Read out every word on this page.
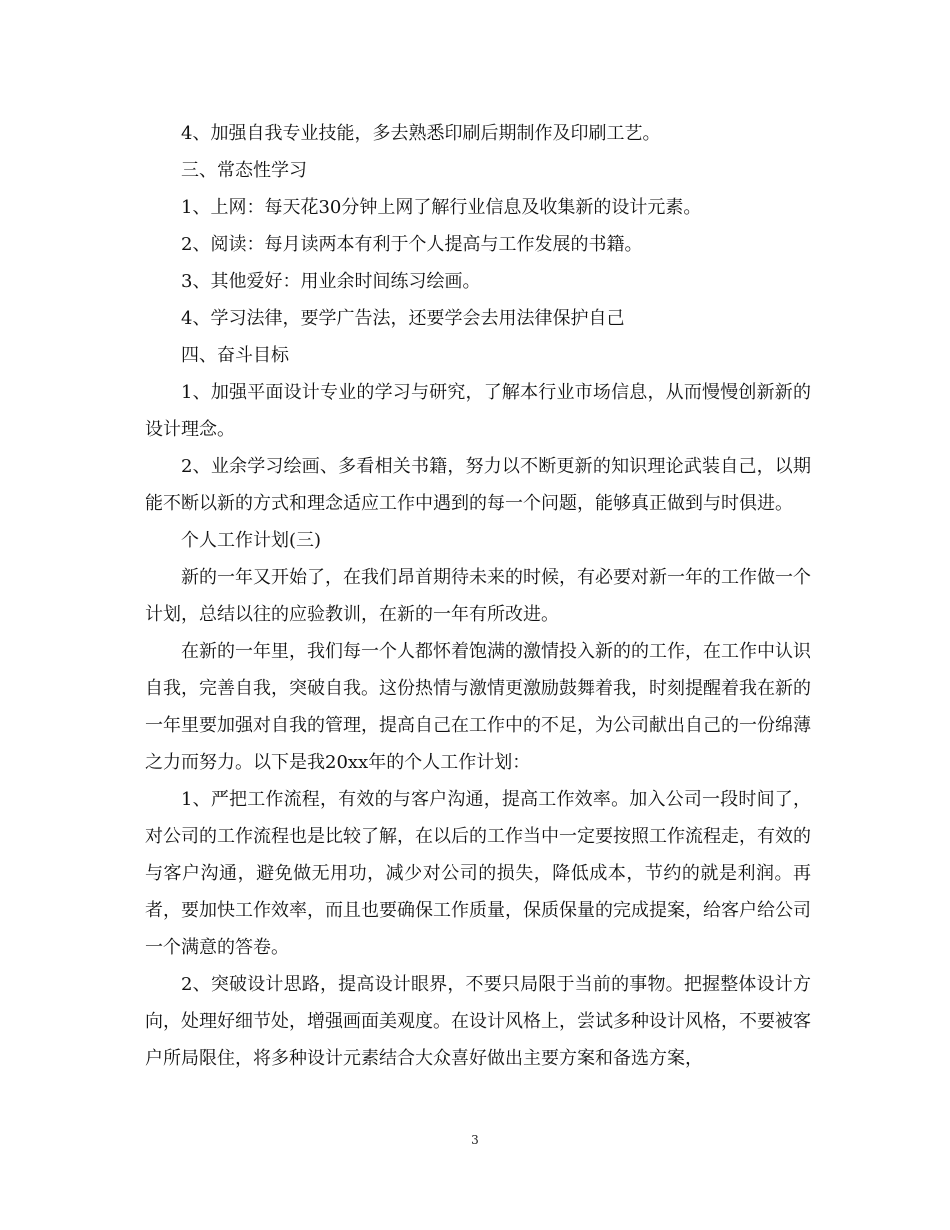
4、加强自我专业技能，多去熟悉印刷后期制作及印刷工艺。

三、常态性学习

1、上网：每天花30分钟上网了解行业信息及收集新的设计元素。

2、阅读：每月读两本有利于个人提高与工作发展的书籍。

3、其他爱好：用业余时间练习绘画。

4、学习法律，要学广告法，还要学会去用法律保护自己

四、奋斗目标

1、加强平面设计专业的学习与研究，了解本行业市场信息，从而慢慢创新新的设计理念。

2、业余学习绘画、多看相关书籍，努力以不断更新的知识理论武装自己，以期能不断以新的方式和理念适应工作中遇到的每一个问题，能够真正做到与时俱进。

个人工作计划(三)

新的一年又开始了，在我们昂首期待未来的时候，有必要对新一年的工作做一个计划，总结以往的应验教训，在新的一年有所改进。

在新的一年里，我们每一个人都怀着饱满的激情投入新的的工作，在工作中认识自我，完善自我，突破自我。这份热情与激情更激励鼓舞着我，时刻提醒着我在新的一年里要加强对自我的管理，提高自己在工作中的不足，为公司献出自己的一份绵薄之力而努力。以下是我20xx年的个人工作计划：

1、严把工作流程，有效的与客户沟通，提高工作效率。加入公司一段时间了，对公司的工作流程也是比较了解，在以后的工作当中一定要按照工作流程走，有效的与客户沟通，避免做无用功，减少对公司的损失，降低成本，节约的就是利润。再者，要加快工作效率，而且也要确保工作质量，保质保量的完成提案，给客户给公司一个满意的答卷。

2、突破设计思路，提高设计眼界，不要只局限于当前的事物。把握整体设计方向，处理好细节处，增强画面美观度。在设计风格上，尝试多种设计风格，不要被客户所局限住，将多种设计元素结合大众喜好做出主要方案和备选方案，

3
